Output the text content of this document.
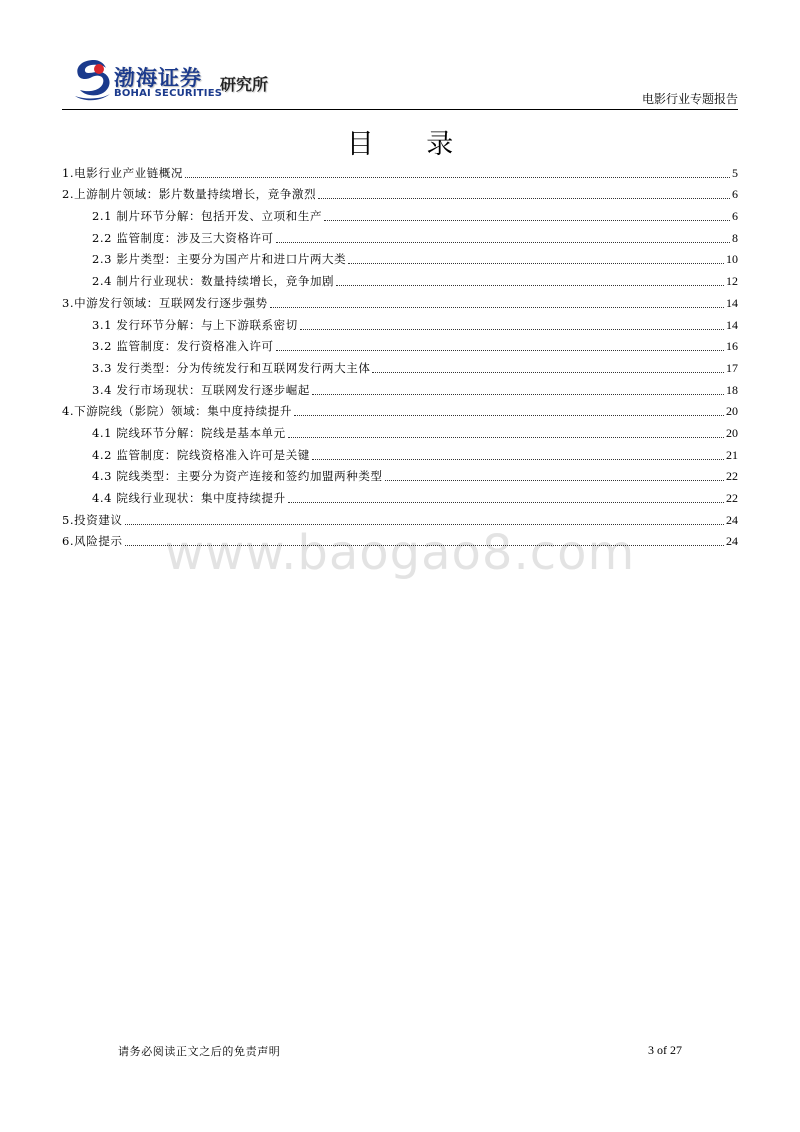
渤海证券
BOHAI SECURITIES
研究所
电影行业专题报告
目 录
1.电影行业产业链概况	5
2.上游制片领域：影片数量持续增长，竞争激烈	6
2.1 制片环节分解：包括开发、立项和生产	6
2.2 监管制度：涉及三大资格许可	8
2.3 影片类型：主要分为国产片和进口片两大类	10
2.4 制片行业现状：数量持续增长，竞争加剧	12
3.中游发行领域：互联网发行逐步强势	14
3.1 发行环节分解：与上下游联系密切	14
3.2 监管制度：发行资格准入许可	16
3.3 发行类型：分为传统发行和互联网发行两大主体	17
3.4 发行市场现状：互联网发行逐步崛起	18
4.下游院线（影院）领域：集中度持续提升	20
4.1 院线环节分解：院线是基本单元	20
4.2 监管制度：院线资格准入许可是关键	21
4.3 院线类型：主要分为资产连接和签约加盟两种类型	22
4.4 院线行业现状：集中度持续提升	22
5.投资建议	24
6.风险提示	24
www.baogao8.com
请务必阅读正文之后的免责声明	3 of 27
